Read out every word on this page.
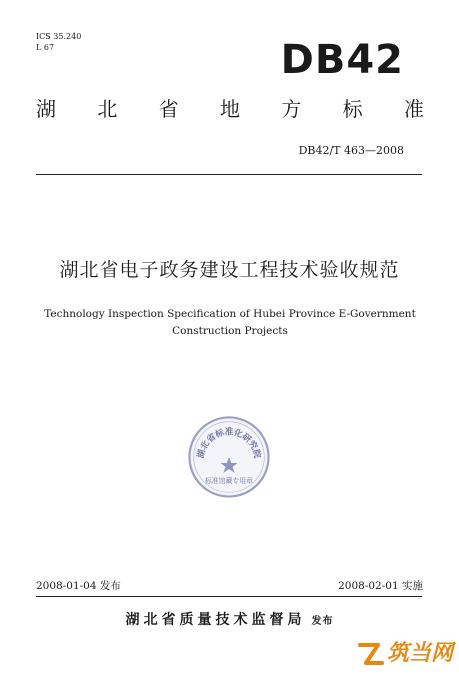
ICS 35.240
L 67	DB42
湖 北 省 地 方 标 准
DB42/T 463—2008
湖北省电子政务建设工程技术验收规范
Technology Inspection Specification of Hubei Province E-Government
Construction Projects
湖北省标准化研究院
标准馆藏专用章
2008-01-04 发布	2008-02-01 实施
湖北省质量技术监督局 发布
筑当网
